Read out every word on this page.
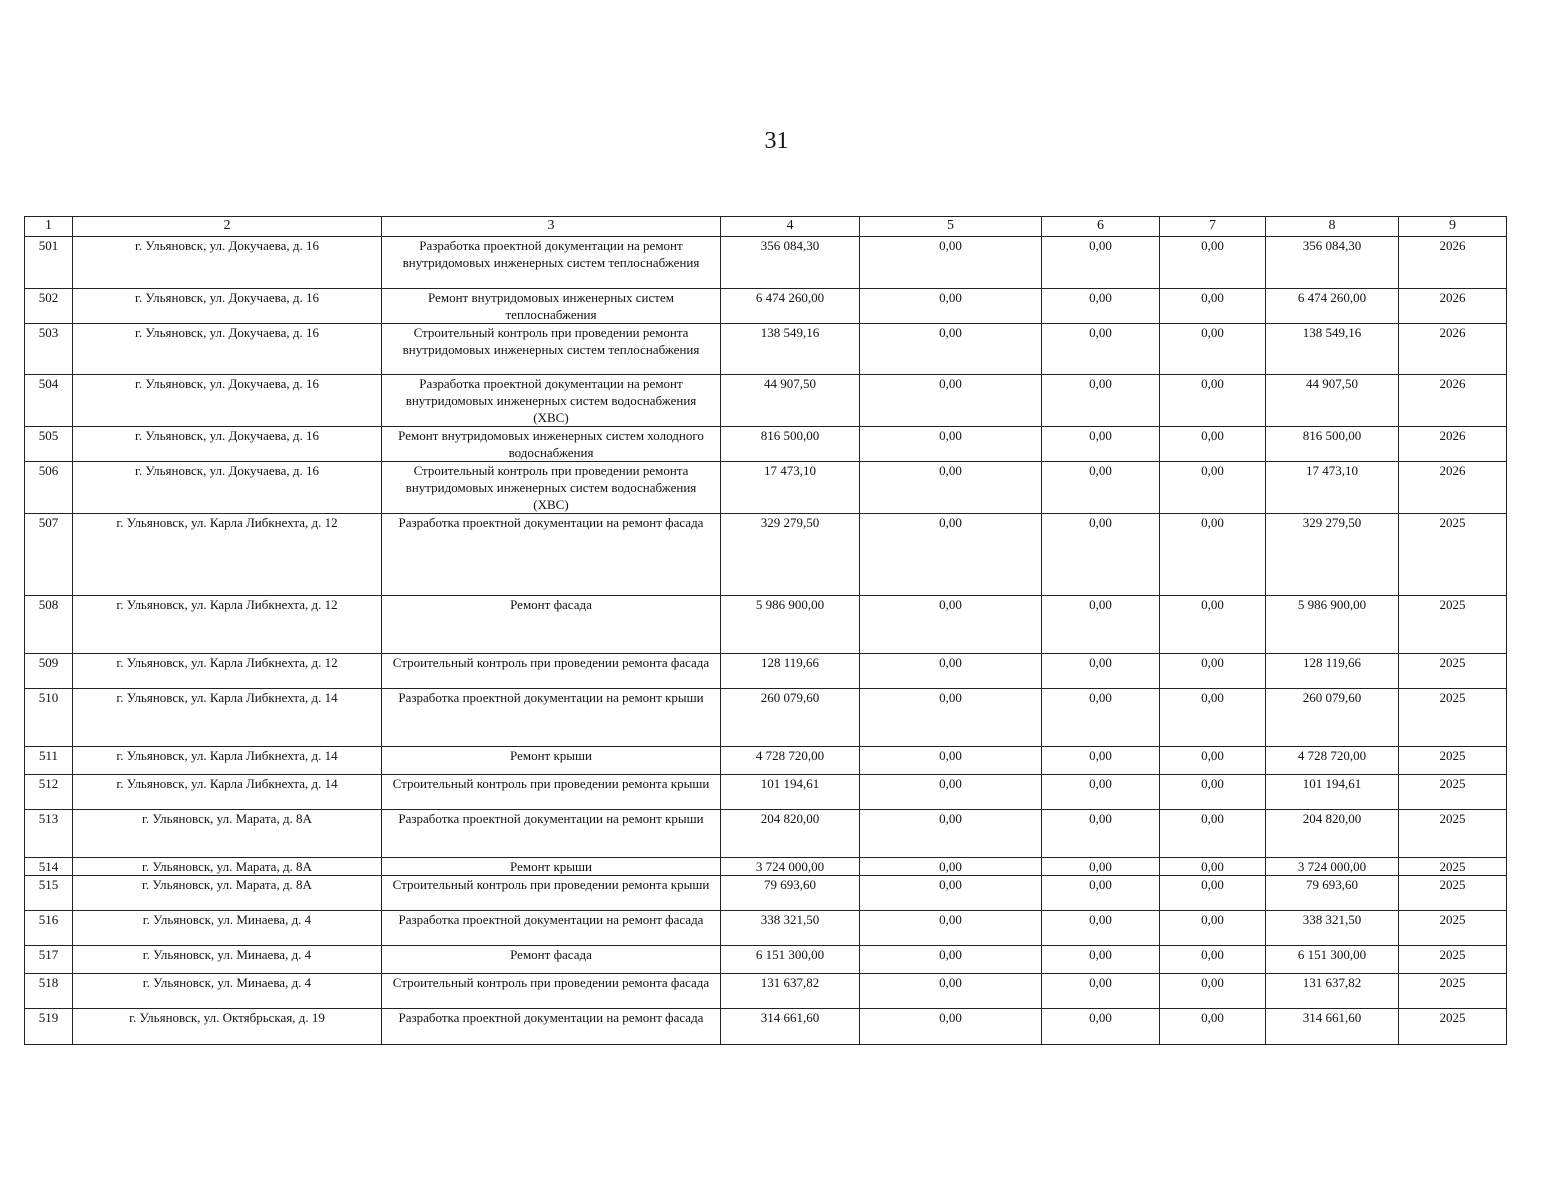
31
1	2	3	4	5	6	7	8	9
501	г. Ульяновск, ул. Докучаева, д. 16	Разработка проектной документации на ремонт внутридомовых инженерных систем теплоснабжения	356 084,30	0,00	0,00	0,00	356 084,30	2026
502	г. Ульяновск, ул. Докучаева, д. 16	Ремонт внутридомовых инженерных систем теплоснабжения	6 474 260,00	0,00	0,00	0,00	6 474 260,00	2026
503	г. Ульяновск, ул. Докучаева, д. 16	Строительный контроль при проведении ремонта внутридомовых инженерных систем теплоснабжения	138 549,16	0,00	0,00	0,00	138 549,16	2026
504	г. Ульяновск, ул. Докучаева, д. 16	Разработка проектной документации на ремонт внутридомовых инженерных систем водоснабжения (ХВС)	44 907,50	0,00	0,00	0,00	44 907,50	2026
505	г. Ульяновск, ул. Докучаева, д. 16	Ремонт внутридомовых инженерных систем холодного водоснабжения	816 500,00	0,00	0,00	0,00	816 500,00	2026
506	г. Ульяновск, ул. Докучаева, д. 16	Строительный контроль при проведении ремонта внутридомовых инженерных систем водоснабжения (ХВС)	17 473,10	0,00	0,00	0,00	17 473,10	2026
507	г. Ульяновск, ул. Карла Либкнехта, д. 12	Разработка проектной документации на ремонт фасада	329 279,50	0,00	0,00	0,00	329 279,50	2025
508	г. Ульяновск, ул. Карла Либкнехта, д. 12	Ремонт фасада	5 986 900,00	0,00	0,00	0,00	5 986 900,00	2025
509	г. Ульяновск, ул. Карла Либкнехта, д. 12	Строительный контроль при проведении ремонта фасада	128 119,66	0,00	0,00	0,00	128 119,66	2025
510	г. Ульяновск, ул. Карла Либкнехта, д. 14	Разработка проектной документации на ремонт крыши	260 079,60	0,00	0,00	0,00	260 079,60	2025
511	г. Ульяновск, ул. Карла Либкнехта, д. 14	Ремонт крыши	4 728 720,00	0,00	0,00	0,00	4 728 720,00	2025
512	г. Ульяновск, ул. Карла Либкнехта, д. 14	Строительный контроль при проведении ремонта крыши	101 194,61	0,00	0,00	0,00	101 194,61	2025
513	г. Ульяновск, ул. Марата, д. 8А	Разработка проектной документации на ремонт крыши	204 820,00	0,00	0,00	0,00	204 820,00	2025
514	г. Ульяновск, ул. Марата, д. 8А	Ремонт крыши	3 724 000,00	0,00	0,00	0,00	3 724 000,00	2025
515	г. Ульяновск, ул. Марата, д. 8А	Строительный контроль при проведении ремонта крыши	79 693,60	0,00	0,00	0,00	79 693,60	2025
516	г. Ульяновск, ул. Минаева, д. 4	Разработка проектной документации на ремонт фасада	338 321,50	0,00	0,00	0,00	338 321,50	2025
517	г. Ульяновск, ул. Минаева, д. 4	Ремонт фасада	6 151 300,00	0,00	0,00	0,00	6 151 300,00	2025
518	г. Ульяновск, ул. Минаева, д. 4	Строительный контроль при проведении ремонта фасада	131 637,82	0,00	0,00	0,00	131 637,82	2025
519	г. Ульяновск, ул. Октябрьская, д. 19	Разработка проектной документации на ремонт фасада	314 661,60	0,00	0,00	0,00	314 661,60	2025
